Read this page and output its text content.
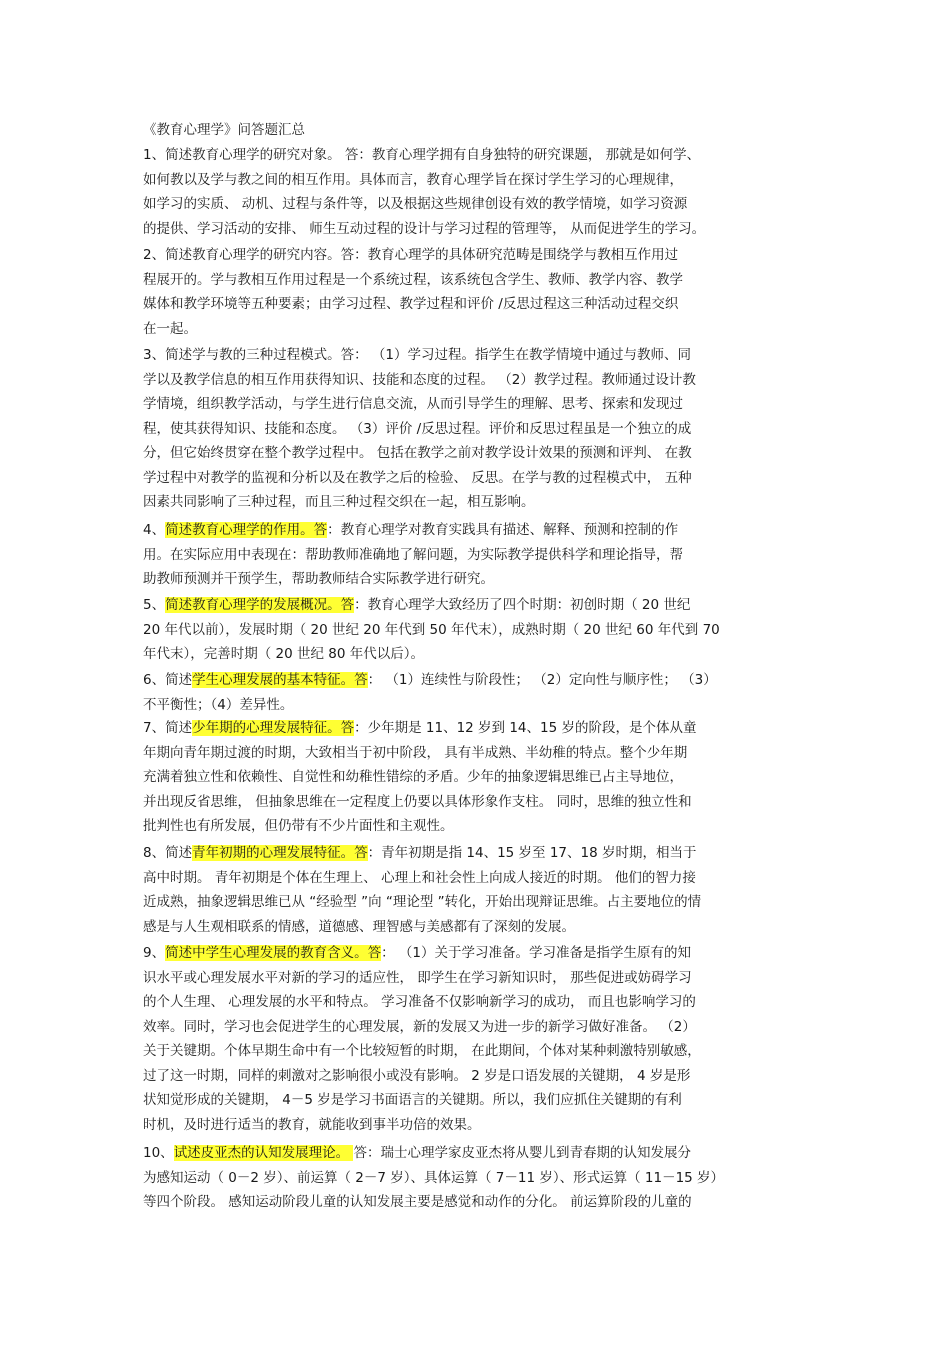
《教育心理学》问答题汇总
1、简述教育心理学的研究对象。 答：教育心理学拥有自身独特的研究课题， 那就是如何学、
如何教以及学与教之间的相互作用。具体而言，教育心理学旨在探讨学生学习的心理规律，
如学习的实质、 动机、过程与条件等，以及根据这些规律创设有效的教学情境，如学习资源
的提供、学习活动的安排、 师生互动过程的设计与学习过程的管理等， 从而促进学生的学习。
2、简述教育心理学的研究内容。答：教育心理学的具体研究范畴是围绕学与教相互作用过
程展开的。学与教相互作用过程是一个系统过程，该系统包含学生、教师、教学内容、教学
媒体和教学环境等五种要素；由学习过程、教学过程和评价 /反思过程这三种活动过程交织
在一起。
3、简述学与教的三种过程模式。答： （1）学习过程。指学生在教学情境中通过与教师、同
学以及教学信息的相互作用获得知识、技能和态度的过程。 （2）教学过程。教师通过设计教
学情境，组织教学活动，与学生进行信息交流，从而引导学生的理解、思考、探索和发现过
程，使其获得知识、技能和态度。 （3）评价 /反思过程。评价和反思过程虽是一个独立的成
分，但它始终贯穿在整个教学过程中。 包括在教学之前对教学设计效果的预测和评判、 在教
学过程中对教学的监视和分析以及在教学之后的检验、 反思。在学与教的过程模式中， 五种
因素共同影响了三种过程，而且三种过程交织在一起，相互影响。
4、简述教育心理学的作用。答：教育心理学对教育实践具有描述、解释、预测和控制的作
用。在实际应用中表现在：帮助教师准确地了解问题，为实际教学提供科学和理论指导，帮
助教师预测并干预学生，帮助教师结合实际教学进行研究。
5、简述教育心理学的发展概况。答：教育心理学大致经历了四个时期：初创时期（ 20 世纪
20 年代以前），发展时期（ 20 世纪 20 年代到 50 年代末），成熟时期（ 20 世纪 60 年代到 70
年代末），完善时期（ 20 世纪 80 年代以后）。
6、简述学生心理发展的基本特征。答： （1）连续性与阶段性； （2）定向性与顺序性； （3）
不平衡性；（4）差异性。
7、简述少年期的心理发展特征。答：少年期是 11、12 岁到 14、15 岁的阶段，是个体从童
年期向青年期过渡的时期，大致相当于初中阶段， 具有半成熟、半幼稚的特点。整个少年期
充满着独立性和依赖性、自觉性和幼稚性错综的矛盾。少年的抽象逻辑思维已占主导地位，
并出现反省思维， 但抽象思维在一定程度上仍要以具体形象作支柱。 同时，思维的独立性和
批判性也有所发展，但仍带有不少片面性和主观性。
8、简述青年初期的心理发展特征。答：青年初期是指 14、15 岁至 17、18 岁时期，相当于
高中时期。 青年初期是个体在生理上、 心理上和社会性上向成人接近的时期。 他们的智力接
近成熟，抽象逻辑思维已从 “经验型 ”向 “理论型 ”转化，开始出现辩证思维。占主要地位的情
感是与人生观相联系的情感，道德感、理智感与美感都有了深刻的发展。
9、简述中学生心理发展的教育含义。答： （1）关于学习准备。学习准备是指学生原有的知
识水平或心理发展水平对新的学习的适应性， 即学生在学习新知识时， 那些促进或妨碍学习
的个人生理、 心理发展的水平和特点。 学习准备不仅影响新学习的成功， 而且也影响学习的
效率。同时，学习也会促进学生的心理发展，新的发展又为进一步的新学习做好准备。 （2）
关于关键期。个体早期生命中有一个比较短暂的时期， 在此期间，个体对某种刺激特别敏感，
过了这一时期，同样的刺激对之影响很小或没有影响。 2 岁是口语发展的关键期， 4 岁是形
状知觉形成的关键期， 4－5 岁是学习书面语言的关键期。所以，我们应抓住关键期的有利
时机，及时进行适当的教育，就能收到事半功倍的效果。
10、试述皮亚杰的认知发展理论。 答：瑞士心理学家皮亚杰将从婴儿到青春期的认知发展分
为感知运动（ 0－2 岁）、前运算（ 2－7 岁）、具体运算（ 7－11 岁）、形式运算（ 11－15 岁）
等四个阶段。 感知运动阶段儿童的认知发展主要是感觉和动作的分化。 前运算阶段的儿童的
